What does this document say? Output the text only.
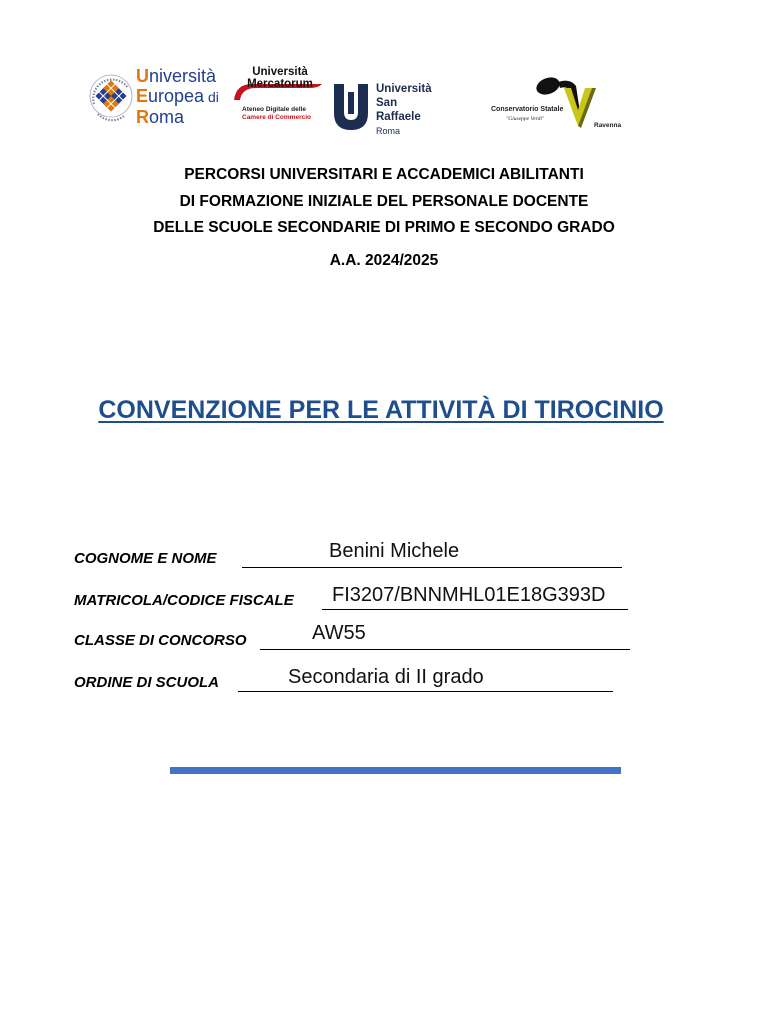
Università
Europea di
Roma
Università
Mercatorum
Ateneo Digitale delle
Camere di Commercio
Università
San Raffaele
Roma
Conservatorio Statale
"Giuseppe Verdi"
Ravenna
PERCORSI UNIVERSITARI E ACCADEMICI ABILITANTI
DI FORMAZIONE INIZIALE DEL PERSONALE DOCENTE
DELLE SCUOLE SECONDARIE DI PRIMO E SECONDO GRADO
A.A. 2024/2025
CONVENZIONE PER LE ATTIVITÀ DI TIROCINIO
COGNOME E NOME	Benini Michele
MATRICOLA/CODICE FISCALE FI3207/BNNMHL01E18G393D
CLASSE DI CONCORSO	AW55
ORDINE DI SCUOLA	Secondaria di II grado
